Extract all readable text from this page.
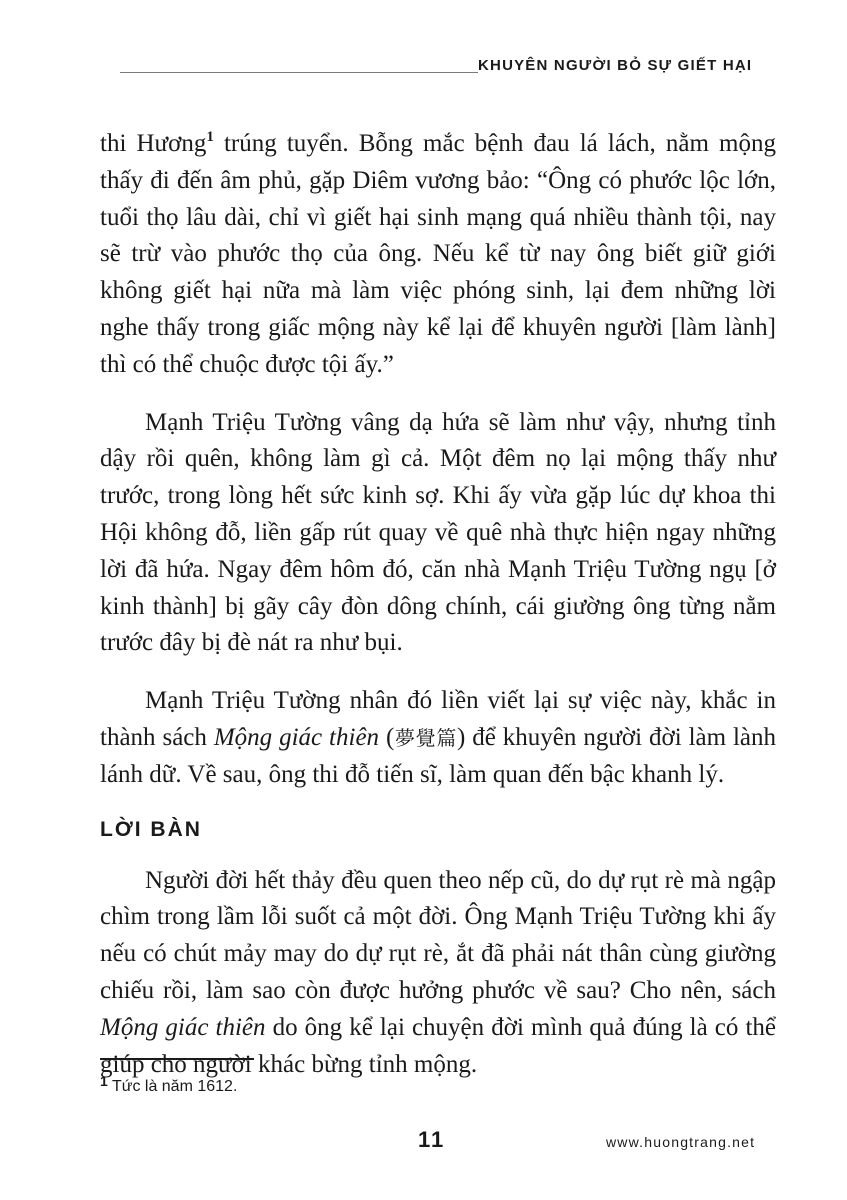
KHUYÊN NGƯỜI BỎ SỰ GIẾT HẠI

thi Hương$^1$ trúng tuyển. Bỗng mắc bệnh đau lá lách, nằm mộng thấy đi đến âm phủ, gặp Diêm vương bảo: “Ông có phước lộc lớn, tuổi thọ lâu dài, chỉ vì giết hại sinh mạng quá nhiều thành tội, nay sẽ trừ vào phước thọ của ông. Nếu kể từ nay ông biết giữ giới không giết hại nữa mà làm việc phóng sinh, lại đem những lời nghe thấy trong giấc mộng này kể lại để khuyên người [làm lành] thì có thể chuộc được tội ấy.”

Mạnh Triệu Tường vâng dạ hứa sẽ làm như vậy, nhưng tỉnh dậy rồi quên, không làm gì cả. Một đêm nọ lại mộng thấy như trước, trong lòng hết sức kinh sợ. Khi ấy vừa gặp lúc dự khoa thi Hội không đỗ, liền gấp rút quay về quê nhà thực hiện ngay những lời đã hứa. Ngay đêm hôm đó, căn nhà Mạnh Triệu Tường ngụ [ở kinh thành] bị gãy cây đòn dông chính, cái giường ông từng nằm trước đây bị đè nát ra như bụi.

Mạnh Triệu Tường nhân đó liền viết lại sự việc này, khắc in thành sách Mộng giác thiên (夢覺篇) để khuyên người đời làm lành lánh dữ. Về sau, ông thi đỗ tiến sĩ, làm quan đến bậc khanh lý.

LỜI BÀN

Người đời hết thảy đều quen theo nếp cũ, do dự rụt rè mà ngập chìm trong lầm lỗi suốt cả một đời. Ông Mạnh Triệu Tường khi ấy nếu có chút mảy may do dự rụt rè, ắt đã phải nát thân cùng giường chiếu rồi, làm sao còn được hưởng phước về sau? Cho nên, sách Mộng giác thiên do ông kể lại chuyện đời mình quả đúng là có thể giúp cho người khác bừng tỉnh mộng.

$^1$ Tức là năm 1612.
11	www.huongtrang.net
